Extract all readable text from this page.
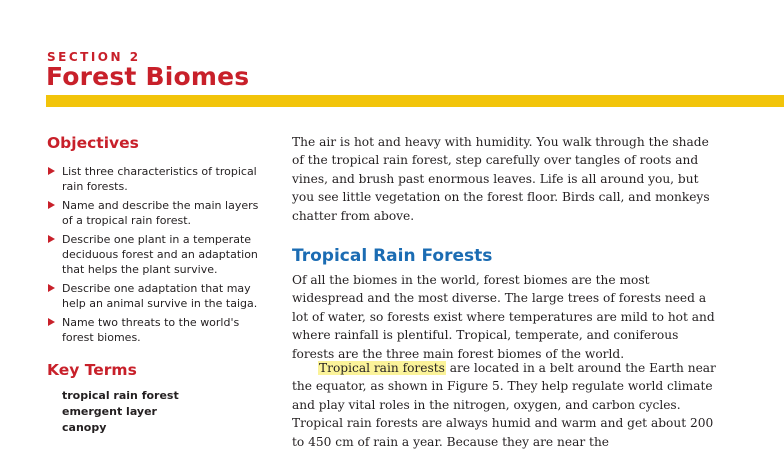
SECTION 2
Forest Biomes
Objectives
List three characteristics of tropical rain forests.
Name and describe the main layers of a tropical rain forest.
Describe one plant in a temperate deciduous forest and an adaptation that helps the plant survive.
Describe one adaptation that may help an animal survive in the taiga.
Name two threats to the world's forest biomes.
Key Terms
tropical rain forest
emergent layer
canopy

The air is hot and heavy with humidity. You walk through the shade of the tropical rain forest, step carefully over tangles of roots and vines, and brush past enormous leaves. Life is all around you, but you see little vegetation on the forest floor. Birds call, and monkeys chatter from above.

Tropical Rain Forests

Of all the biomes in the world, forest biomes are the most widespread and the most diverse. The large trees of forests need a lot of water, so forests exist where temperatures are mild to hot and where rainfall is plentiful. Tropical, temperate, and coniferous forests are the three main forest biomes of the world.

Tropical rain forests are located in a belt around the Earth near the equator, as shown in Figure 5. They help regulate world climate and play vital roles in the nitrogen, oxygen, and carbon cycles. Tropical rain forests are always humid and warm and get about 200 to 450 cm of rain a year. Because they are near the
